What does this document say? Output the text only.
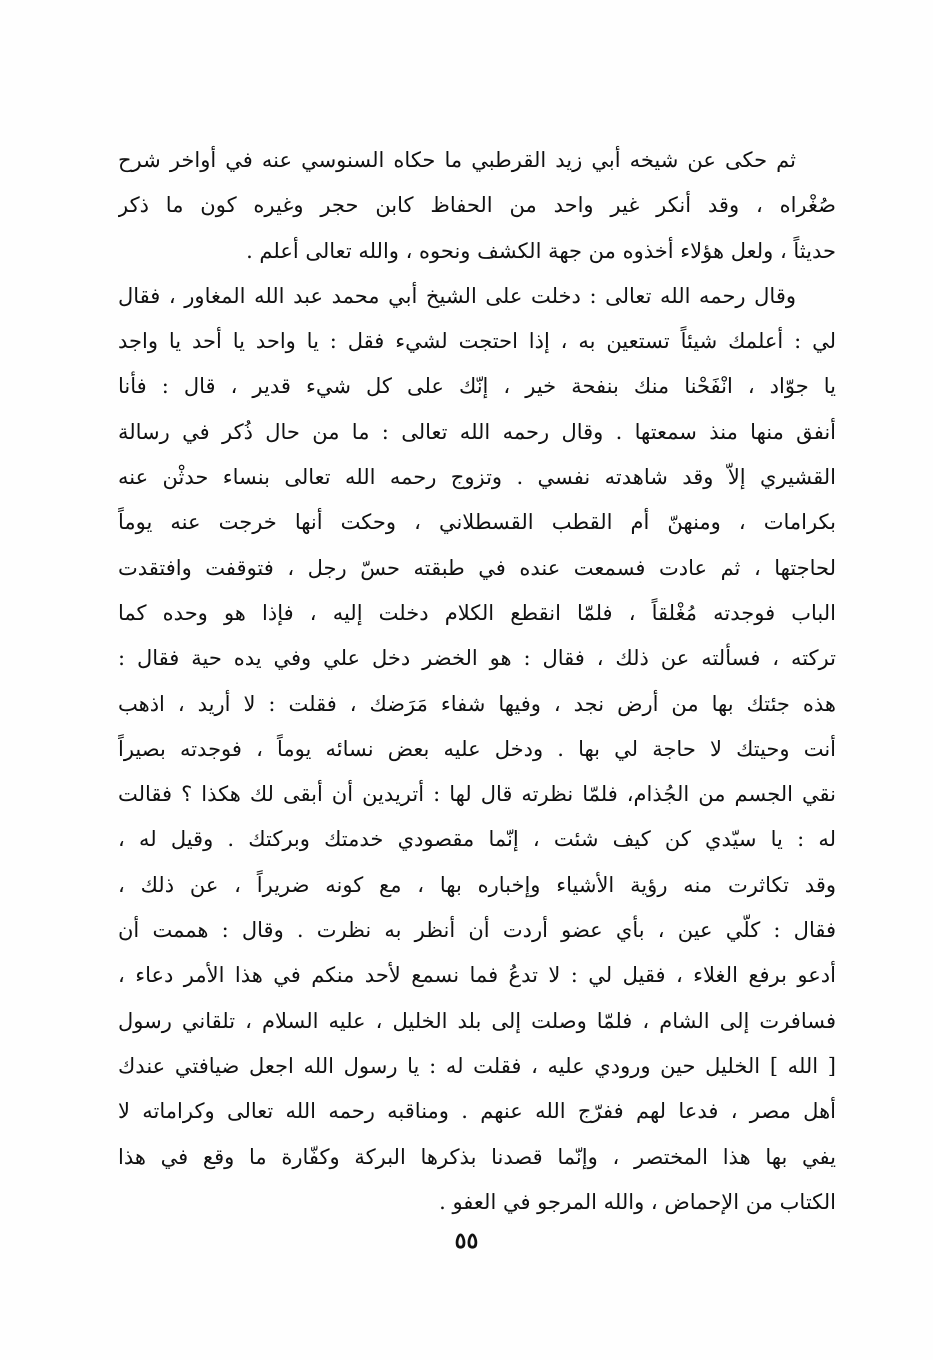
ثم حكى عن شيخه أبي زيد القرطبي ما حكاه السنوسي عنه في أواخر شرح
صُغْراه ، وقد أنكر غير واحد من الحفاظ كابن حجر وغيره كون ما ذكر
حديثاً ، ولعل هؤلاء أخذوه من جهة الكشف ونحوه ، والله تعالى أعلم .
وقال رحمه الله تعالى : دخلت على الشيخ أبي محمد عبد الله المغاور ، فقال
لي : أعلمك شيئاً تستعين به ، إذا احتجت لشيء فقل : يا واحد يا أحد يا واجد
يا جوّاد ، انْفَحْنا منك بنفحة خير ، إنّك على كل شيء قدير ، قال : فأنا
أنفق منها منذ سمعتها . وقال رحمه الله تعالى : ما من حال ذُكر في رسالة
القشيري إلاّ وقد شاهدته نفسي . وتزوج رحمه الله تعالى بنساء حدثْن عنه
بكرامات ، ومنهنّ أم القطب القسطلاني ، وحكت أنها خرجت عنه يوماً
لحاجتها ، ثم عادت فسمعت عنده في طبقته حسّ رجل ، فتوقفت وافتقدت
الباب فوجدته مُغْلقاً ، فلمّا انقطع الكلام دخلت إليه ، فإذا هو وحده كما
تركته ، فسألته عن ذلك ، فقال : هو الخضر دخل علي وفي يده حية فقال :
هذه جئتك بها من أرض نجد ، وفيها شفاء مَرَضك ، فقلت : لا أريد ، اذهب
أنت وحيتك لا حاجة لي بها . ودخل عليه بعض نسائه يوماً ، فوجدته بصيراً
نقي الجسم من الجُذام، فلمّا نظرته قال لها : أتريدين أن أبقى لك هكذا ؟ فقالت
له : يا سيّدي كن كيف شئت ، إنّما مقصودي خدمتك وبركتك . وقيل له ،
وقد تكاثرت منه رؤية الأشياء وإخباره بها ، مع كونه ضريراً ، عن ذلك ،
فقال : كلّي عين ، بأي عضو أردت أن أنظر به نظرت . وقال : هممت أن
أدعو برفع الغلاء ، فقيل لي : لا تدعُ فما نسمع لأحد منكم في هذا الأمر دعاء ،
فسافرت إلى الشام ، فلمّا وصلت إلى بلد الخليل ، عليه السلام ، تلقاني رسول
[ الله ] الخليل حين ورودي عليه ، فقلت له : يا رسول الله اجعل ضيافتي عندك
أهل مصر ، فدعا لهم ففرّج الله عنهم . ومناقبه رحمه الله تعالى وكراماته لا
يفي بها هذا المختصر ، وإنّما قصدنا بذكرها البركة وكفّارة ما وقع في هذا
الكتاب من الإحماض ، والله المرجو في العفو .
٥٥
